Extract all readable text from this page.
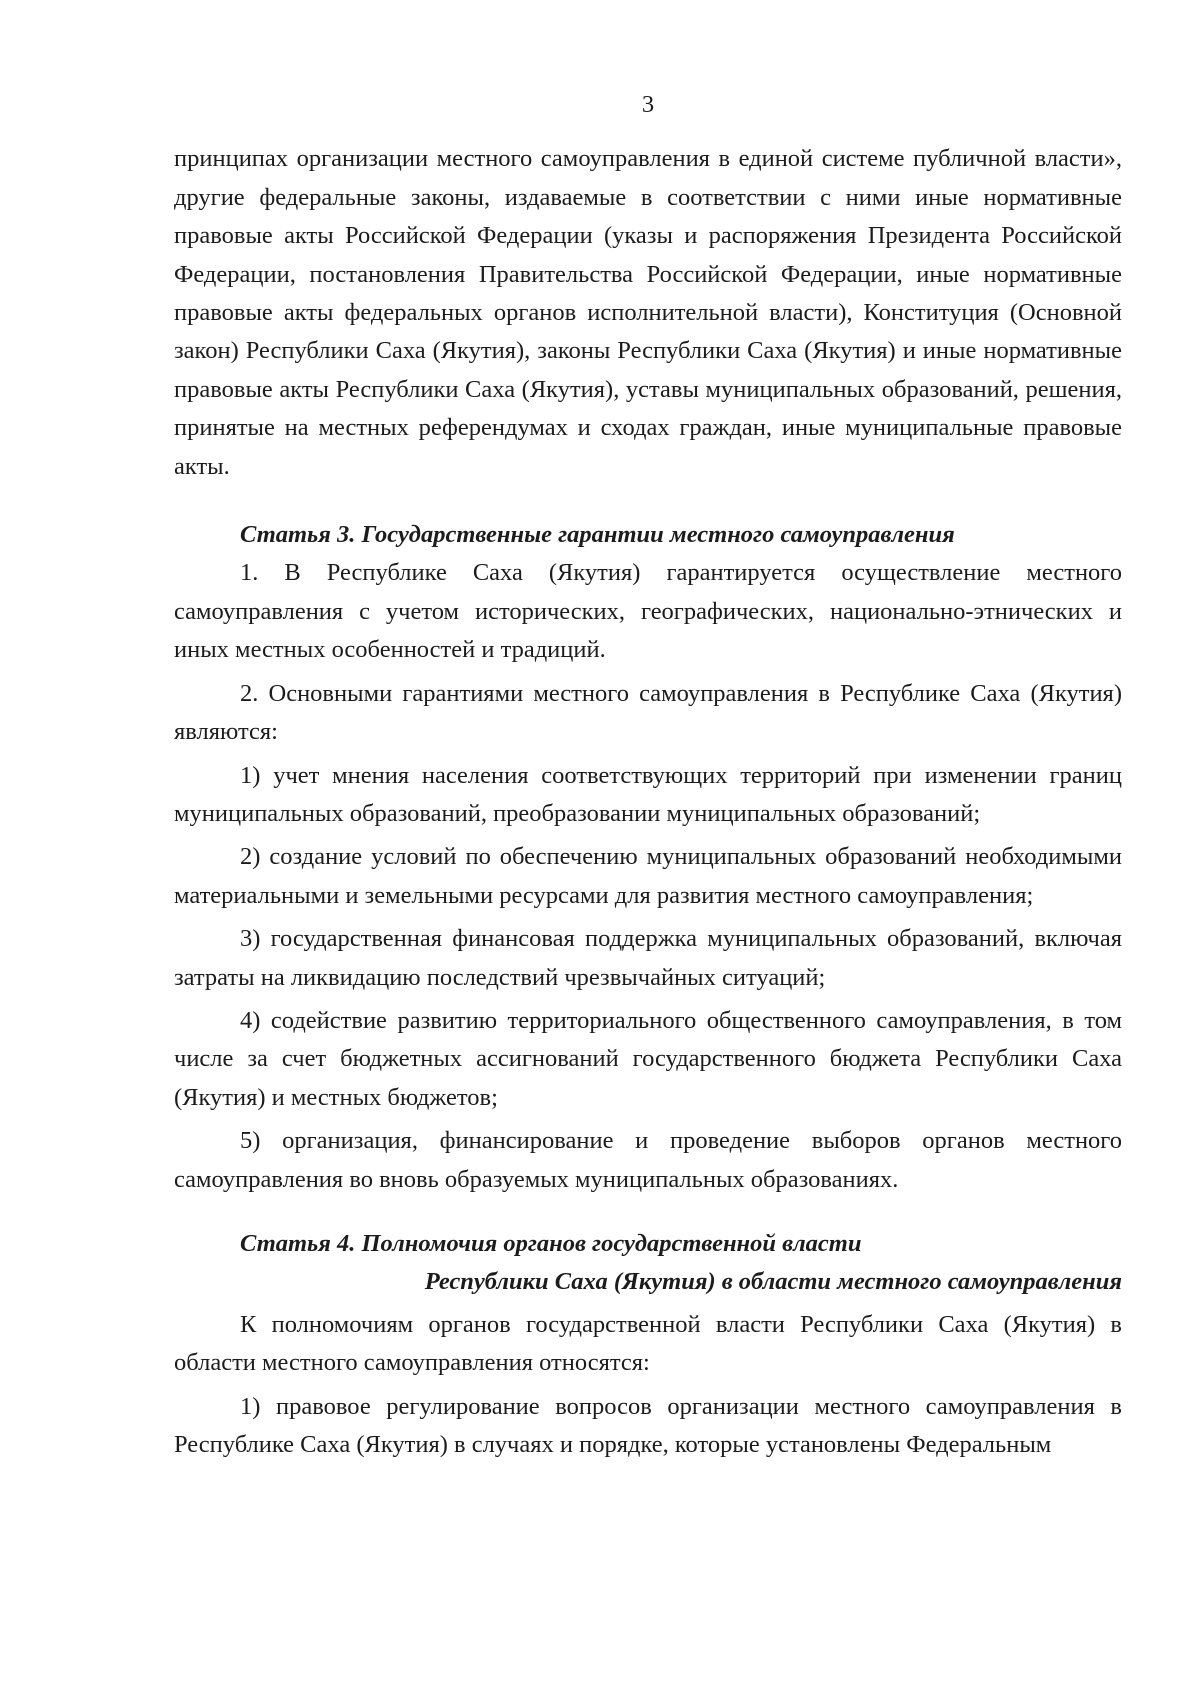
3

принципах организации местного самоуправления в единой системе публичной власти», другие федеральные законы, издаваемые в соответствии с ними иные нормативные правовые акты Российской Федерации (указы и распоряжения Президента Российской Федерации, постановления Правительства Российской Федерации, иные нормативные правовые акты федеральных органов исполнительной власти), Конституция (Основной закон) Республики Саха (Якутия), законы Республики Саха (Якутия) и иные нормативные правовые акты Республики Саха (Якутия), уставы муниципальных образований, решения, принятые на местных референдумах и сходах граждан, иные муниципальные правовые акты.

Статья 3. Государственные гарантии местного самоуправления

1. В Республике Саха (Якутия) гарантируется осуществление местного самоуправления с учетом исторических, географических, национально-этнических и иных местных особенностей и традиций.

2. Основными гарантиями местного самоуправления в Республике Саха (Якутия) являются:

1) учет мнения населения соответствующих территорий при изменении границ муниципальных образований, преобразовании муниципальных образований;

2) создание условий по обеспечению муниципальных образований необходимыми материальными и земельными ресурсами для развития местного самоуправления;

3) государственная финансовая поддержка муниципальных образований, включая затраты на ликвидацию последствий чрезвычайных ситуаций;

4) содействие развитию территориального общественного самоуправления, в том числе за счет бюджетных ассигнований государственного бюджета Республики Саха (Якутия) и местных бюджетов;

5) организация, финансирование и проведение выборов органов местного самоуправления во вновь образуемых муниципальных образованиях.

Статья 4. Полномочия органов государственной власти

Республики Саха (Якутия) в области местного самоуправления

К полномочиям органов государственной власти Республики Саха (Якутия) в области местного самоуправления относятся:

1) правовое регулирование вопросов организации местного самоуправления в Республике Саха (Якутия) в случаях и порядке, которые установлены Федеральным
